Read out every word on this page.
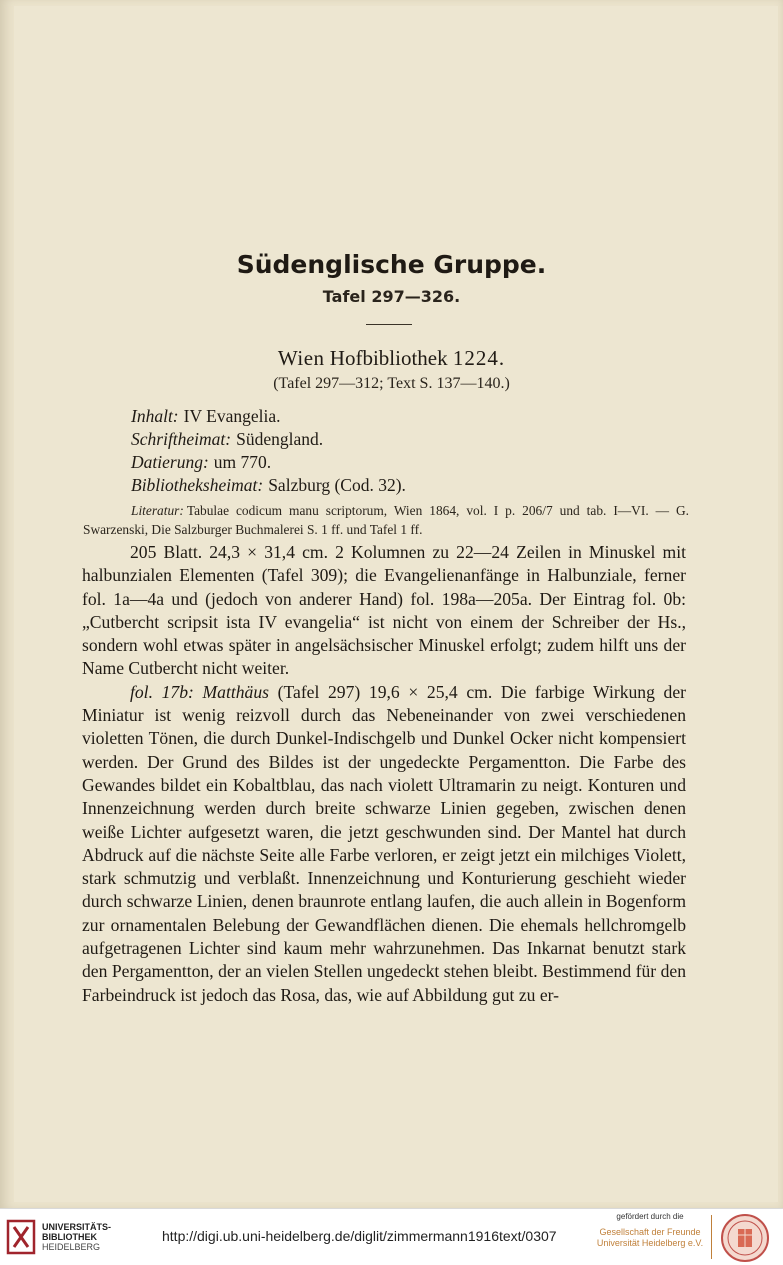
Südenglische Gruppe.
Tafel 297—326.
Wien Hofbibliothek 1224.
(Tafel 297—312; Text S. 137—140.)
Inhalt: IV Evangelia.
Schriftheimat: Südengland.
Datierung: um 770.
Bibliotheksheimat: Salzburg (Cod. 32).
Literatur: Tabulae codicum manu scriptorum, Wien 1864, vol. I p. 206/7 und tab. I—VI. — G. Swarzenski, Die Salzburger Buchmalerei S. 1 ff. und Tafel 1 ff.

205 Blatt. 24,3 × 31,4 cm. 2 Kolumnen zu 22—24 Zeilen in Minuskel mit halbunzialen Elementen (Tafel 309); die Evangelienanfänge in Halbunziale, ferner fol. 1a—4a und (jedoch von anderer Hand) fol. 198a—205a. Der Eintrag fol. 0b: „Cutbercht scripsit ista IV evangelia“ ist nicht von einem der Schreiber der Hs., sondern wohl etwas später in angelsächsischer Minuskel erfolgt; zudem hilft uns der Name Cutbercht nicht weiter.

fol. 17b: Matthäus (Tafel 297) 19,6 × 25,4 cm. Die farbige Wirkung der Miniatur ist wenig reizvoll durch das Nebeneinander von zwei verschiedenen violetten Tönen, die durch Dunkel-Indischgelb und Dunkel Ocker nicht kompensiert werden. Der Grund des Bildes ist der ungedeckte Pergamentton. Die Farbe des Gewandes bildet ein Kobaltblau, das nach violett Ultramarin zu neigt. Konturen und Innenzeichnung werden durch breite schwarze Linien gegeben, zwischen denen weiße Lichter aufgesetzt waren, die jetzt geschwunden sind. Der Mantel hat durch Abdruck auf die nächste Seite alle Farbe verloren, er zeigt jetzt ein milchiges Violett, stark schmutzig und verblaßt. Innenzeichnung und Konturierung geschieht wieder durch schwarze Linien, denen braunrote entlang laufen, die auch allein in Bogenform zur ornamentalen Belebung der Gewandflächen dienen. Die ehemals hellchromgelb aufgetragenen Lichter sind kaum mehr wahrzunehmen. Das Inkarnat benutzt stark den Pergamentton, der an vielen Stellen ungedeckt stehen bleibt. Bestimmend für den Farbeindruck ist jedoch das Rosa, das, wie auf Abbildung gut zu er-

UNIVERSITÄTS-
BIBLIOTHEK
HEIDELBERG
http://digi.ub.uni-heidelberg.de/diglit/zimmermann1916text/0307
gefördert durch die
Gesellschaft der Freunde
Universität Heidelberg e.V.
